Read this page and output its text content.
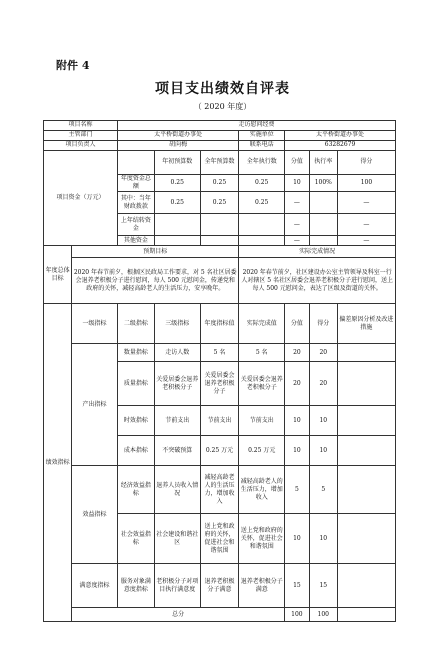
附件 4
项目支出绩效自评表
（ 2020 年度）
项目名称		走访慰问经费						
主管部门		太平桥街道办事处			实施单位	太平桥街道办事处		
项目负责人		胡向梅			联系电话	63282679		
项目资金（万元）			年初预算数	全年预算数	全年执行数	分值	执行率	得分
		年度资金总额	0.25	0.25	0.25	10	100%	100
		其中：当年财政拨款	0.25	0.25	0.25	—		—
		上年结转资金				—		—
		其他资金				—		—
年度总体目标	预期目标				实际完成情况			
	2020 年春节前夕，根据区民政局工作要求，对 5 名社区居委会退养老积极分子进行慰问，每人 500 元慰问金，传递党和政府的关怀，减轻高龄老人的生活压力，安享晚年。				2020 年春节前夕，社区建设办公室主管领导及科室一行人对辖区 5 名社区居委会退养老积极分子进行慰问，送上每人 500 元慰问金，表达了区级及街道的关怀。			
绩效指标	一级指标	二级指标	三级指标	年度指标值	实际完成值	分值	得分	偏差原因分析及改进措施
	产出指标	数量指标	走访人数	5 名	5 名	20	20	
		质量指标	关爱居委会退养老积极分子	关爱居委会退养老积极分子	关爱居委会退养老积极分子	20	20	
		时效指标	节前支出	节前支出	节前支出	10	10	
		成本指标	不突破预算	0.25 万元	0.25 万元	10	10	
	效益指标	经济效益指标	退养人员收入情况	减轻高龄老人的生活压力，增加收入	减轻高龄老人的生活压力，增加收入	5	5	
		社会效益指标	社会建设和谐社区	送上党和政府的关怀，促进社会和谐氛围	送上党和政府的关怀，促进社会和谐氛围	10	10	
	满意度指标	服务对象满意度指标	老积极分子对项目执行满意度	退养老积极分子满意	退养老积极分子满意	15	15	
	总分					100	100	
